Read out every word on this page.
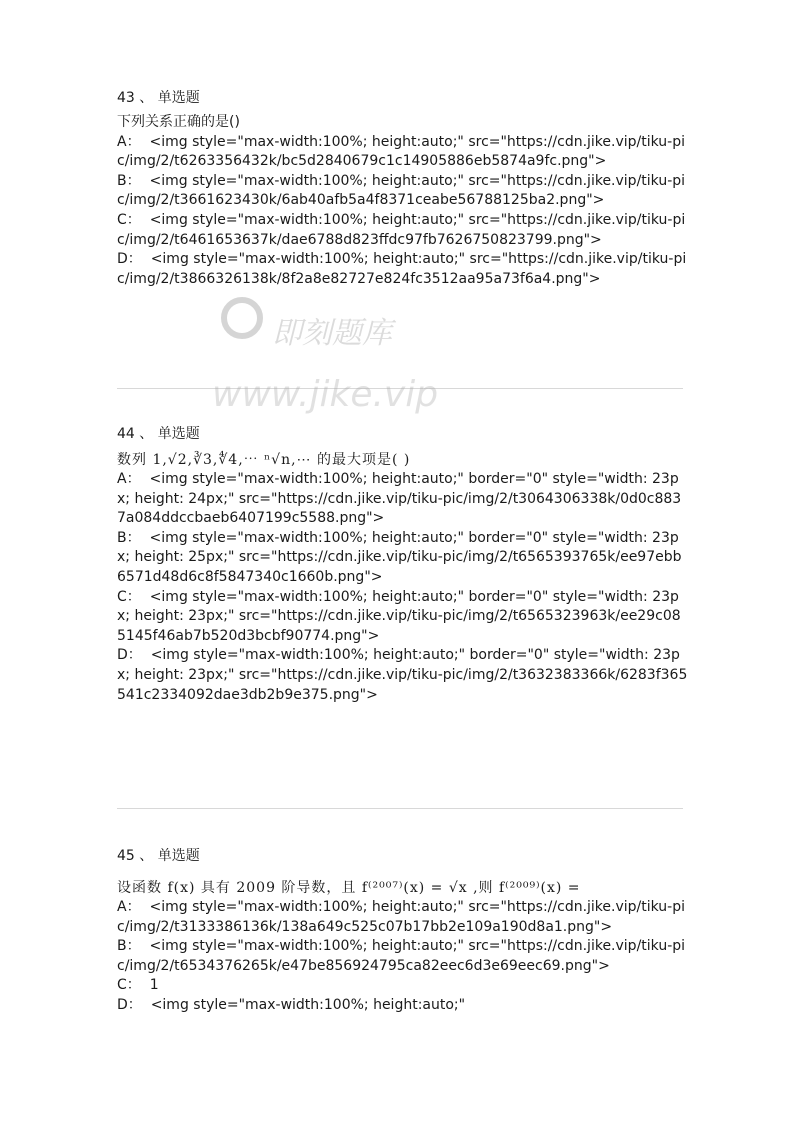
43 、 单选题

下列关系正确的是()

A： <img style="max-width:100%; height:auto;" src="https://cdn.jike.vip/tiku-pic/img/2/t6263356432k/bc5d2840679c1c14905886eb5874a9fc.png">

B： <img style="max-width:100%; height:auto;" src="https://cdn.jike.vip/tiku-pic/img/2/t3661623430k/6ab40afb5a4f8371ceabe56788125ba2.png">

C： <img style="max-width:100%; height:auto;" src="https://cdn.jike.vip/tiku-pic/img/2/t6461653637k/dae6788d823ffdc97fb7626750823799.png">

D： <img style="max-width:100%; height:auto;" src="https://cdn.jike.vip/tiku-pic/img/2/t3866326138k/8f2a8e82727e824fc3512aa95a73f6a4.png">

44 、 单选题

数列 1,√2,∛3,∜4,⋯ ⁿ√n,⋯ 的最大项是( )

A： <img style="max-width:100%; height:auto;" border="0" style="width: 23px; height: 24px;" src="https://cdn.jike.vip/tiku-pic/img/2/t3064306338k/0d0c8837a084ddccbaeb6407199c5588.png">

B： <img style="max-width:100%; height:auto;" border="0" style="width: 23px; height: 25px;" src="https://cdn.jike.vip/tiku-pic/img/2/t6565393765k/ee97ebb6571d48d6c8f5847340c1660b.png">

C： <img style="max-width:100%; height:auto;" border="0" style="width: 23px; height: 23px;" src="https://cdn.jike.vip/tiku-pic/img/2/t6565323963k/ee29c085145f46ab7b520d3bcbf90774.png">

D： <img style="max-width:100%; height:auto;" border="0" style="width: 23px; height: 23px;" src="https://cdn.jike.vip/tiku-pic/img/2/t3632383366k/6283f365541c2334092dae3db2b9e375.png">

45 、 单选题

设函数 f(x) 具有 2009 阶导数，且 f⁽²⁰⁰⁷⁾(x) = √x ,则 f⁽²⁰⁰⁹⁾(x) =

A： <img style="max-width:100%; height:auto;" src="https://cdn.jike.vip/tiku-pic/img/2/t3133386136k/138a649c525c07b17bb2e109a190d8a1.png">

B： <img style="max-width:100%; height:auto;" src="https://cdn.jike.vip/tiku-pic/img/2/t6534376265k/e47be856924795ca82eec6d3e69eec69.png">

C： 1

D： <img style="max-width:100%; height:auto;"

即刻题库
www.jike.vip
